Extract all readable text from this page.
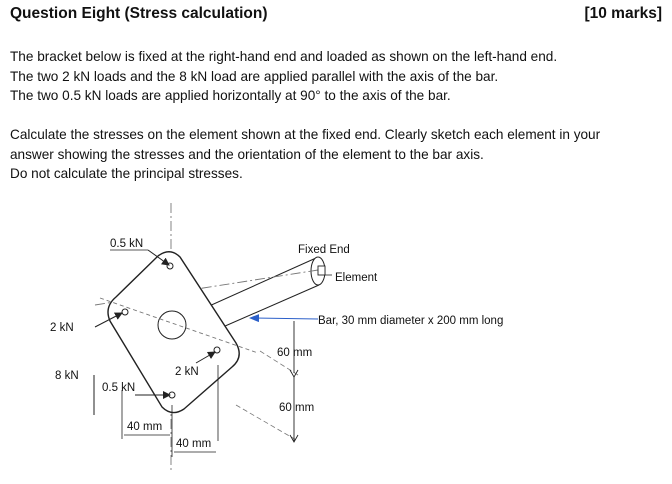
Question Eight (Stress calculation)	[10 marks]
The bracket below is fixed at the right-hand end and loaded as shown on the left-hand end.
The two 2 kN loads and the 8 kN load are applied parallel with the axis of the bar.
The two 0.5 kN loads are applied horizontally at 90° to the axis of the bar.
Calculate the stresses on the element shown at the fixed end. Clearly sketch each element in your
answer showing the stresses and the orientation of the element to the bar axis.
Do not calculate the principal stresses.
0.5 kN	Fixed End
Element
2 kN
Bar, 30 mm diameter x 200 mm long
60 mm
8 kN
0.5 kN
2 kN
60 mm
40 mm
40 mm
